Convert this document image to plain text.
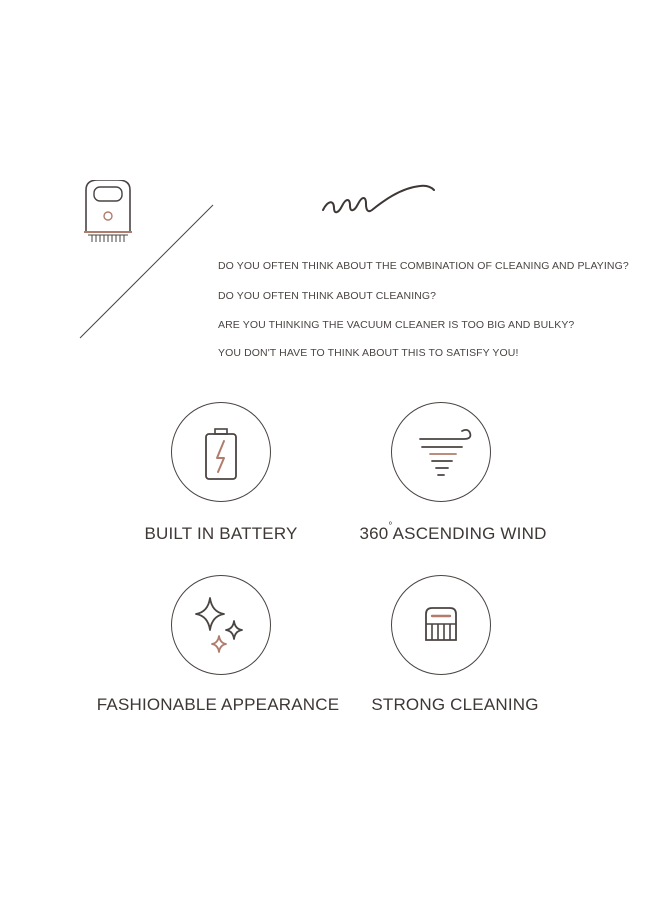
DO YOU OFTEN THINK ABOUT THE COMBINATION OF CLEANING AND PLAYING?
DO YOU OFTEN THINK ABOUT CLEANING?
ARE YOU THINKING THE VACUUM CLEANER IS TOO BIG AND BULKY?
YOU DON'T HAVE TO THINK ABOUT THIS TO SATISFY YOU!
BUILT IN BATTERY	360°ASCENDING WIND
FASHIONABLE APPEARANCE STRONG CLEANING
